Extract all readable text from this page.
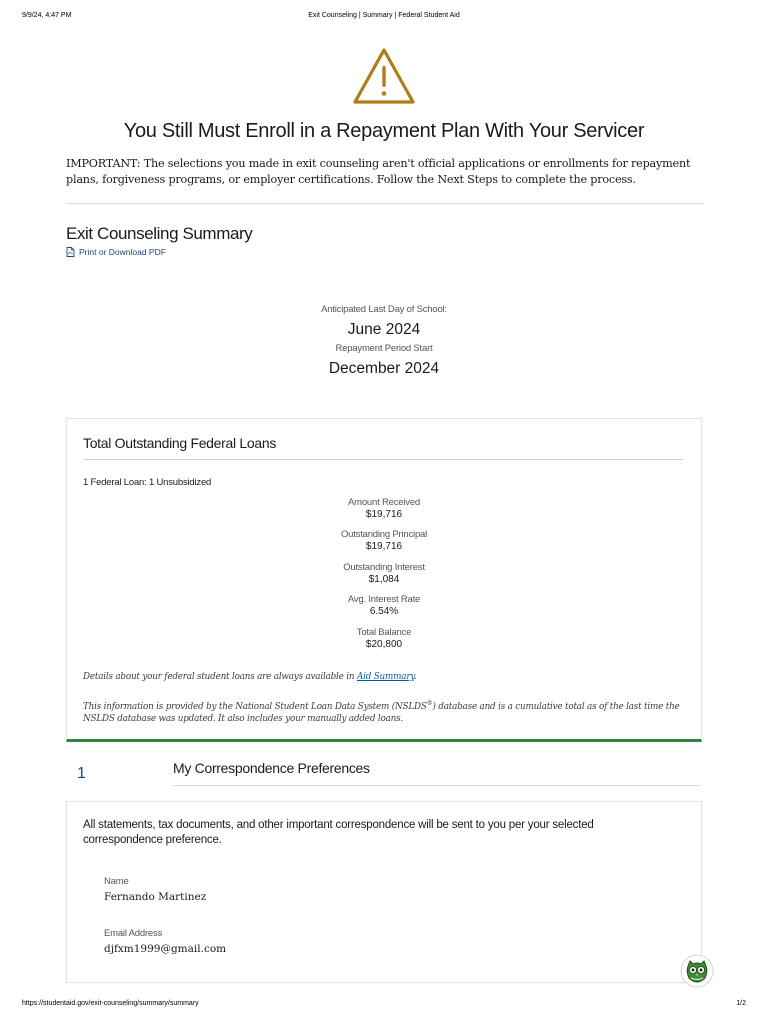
9/9/24, 4:47 PM	Exit Counseling | Summary | Federal Student Aid
You Still Must Enroll in a Repayment Plan With Your Servicer

IMPORTANT: The selections you made in exit counseling aren't official applications or enrollments for repayment plans, forgiveness programs, or employer certifications. Follow the Next Steps to complete the process.

Exit Counseling Summary
Print or Download PDF
Anticipated Last Day of School:
June 2024
Repayment Period Start
December 2024
Total Outstanding Federal Loans
1 Federal Loan: 1 Unsubsidized
Amount Received
$19,716
Outstanding Principal
$19,716
Outstanding Interest
$1,084
Avg. Interest Rate
6.54%
Total Balance
$20,800

Details about your federal student loans are always available in Aid Summary.

This information is provided by the National Student Loan Data System (NSLDS®) database and is a cumulative total as of the last time the NSLDS database was updated. It also includes your manually added loans.

1	My Correspondence Preferences

All statements, tax documents, and other important correspondence will be sent to you per your selected correspondence preference.

Name
Fernando Martinez
Email Address
djfxm1999@gmail.com
https://studentaid.gov/exit-counseling/summary/summary	1/2
